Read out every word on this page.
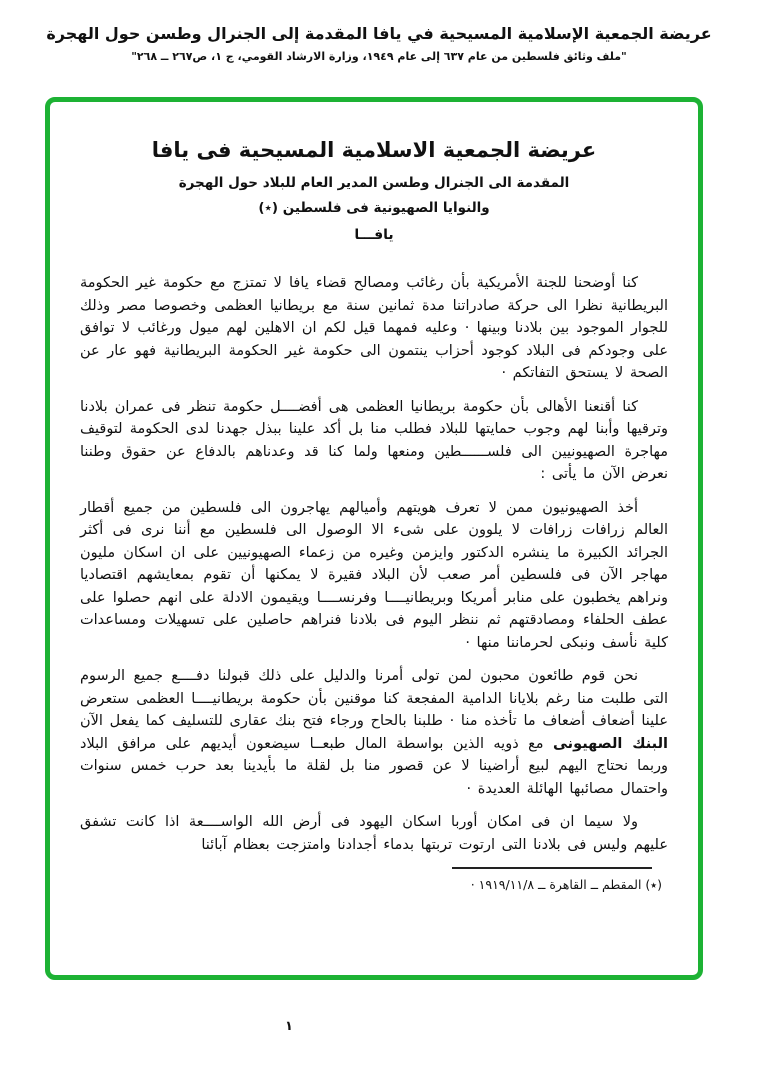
عريضة الجمعية الإسلامية المسيحية في يافا المقدمة إلى الجنرال وطسن حول الهجرة
"ملف وثائق فلسطين من عام ٦٣٧ إلى عام ١٩٤٩، وزارة الارشاد القومي، ج ١، ص٢٦٧ ــ ٢٦٨"
عريضة الجمعية الاسلامية المسيحية فى يافا
المقدمة الى الجنرال وطسن المدير العام للبلاد حول الهجرة
والنوايا الصهيونية فى فلسطين (٭)
يافـــا

كنا أوضحنا للجنة الأمريكية بأن رغائب ومصالح قضاء يافا لا تمتزج مع حكومة غير الحكومة البريطانية نظرا الى حركة صادراتنا مدة ثمانين سنة مع بريطانيا العظمى وخصوصا مصر وذلك للجوار الموجود بين بلادنا وبينها · وعليه فمهما قيل لكم ان الاهلين لهم ميول ورغائب لا توافق على وجودكم فى البلاد كوجود أحزاب ينتمون الى حكومة غير الحكومة البريطانية فهو عار عن الصحة لا يستحق التفاتكم ·

كنا أقنعنا الأهالى بأن حكومة بريطانيا العظمى هى أفضــــل حكومة تنظر فى عمران بلادنا وترقيها وأبنا لهم وجوب حمايتها للبلاد فطلب منا بل أكد علينا ببذل جهدنا لدى الحكومة لتوقيف مهاجرة الصهيونيين الى فلســــــطين ومنعها ولما كنا قد وعدناهم بالدفاع عن حقوق وطننا نعرض الآن ما يأتى :

أخذ الصهيونيون ممن لا تعرف هويتهم وأميالهم يهاجرون الى فلسطين من جميع أقطار العالم زرافات زرافات لا يلوون على شىء الا الوصول الى فلسطين مع أننا نرى فى أكثر الجرائد الكبيرة ما ينشره الدكتور وايزمن وغيره من زعماء الصهيونيين على ان اسكان مليون مهاجر الآن فى فلسطين أمر صعب لأن البلاد فقيرة لا يمكنها أن تقوم بمعايشهم اقتصاديا ونراهم يخطبون على منابر أمريكا وبريطانيــــا وفرنســــا ويقيمون الادلة على انهم حصلوا على عطف الحلفاء ومصادقتهم ثم ننظر اليوم فى بلادنا فنراهم حاصلين على تسهيلات ومساعدات كلية نأسف ونبكى لحرماننا منها ·

نحن قوم طائعون محبون لمن تولى أمرنا والدليل على ذلك قبولنا دفــــع جميع الرسوم التى طلبت منا رغم بلايانا الدامية المفجعة كنا موقنين بأن حكومة بريطانيــــا العظمى ستعرض علينا أضعاف أضعاف ما تأخذه منا · طلبنا بالحاح ورجاء فتح بنك عقارى للتسليف كما يفعل الآن البنك الصهيونى مع ذويه الذين بواسطة المال طبعــا سيضعون أيديهم على مرافق البلاد وربما نحتاج اليهم لبيع أراضينا لا عن قصور منا بل لقلة ما بأيدينا بعد حرب خمس سنوات واحتمال مصائبها الهائلة العديدة ·

ولا سيما ان فى امكان أوربا اسكان اليهود فى أرض الله الواســــعة اذا كانت تشفق عليهم وليس فى بلادنا التى ارتوت تربتها بدماء أجدادنا وامتزجت بعظام آبائنا

(٭) المقطم ــ القاهرة ــ ١٩١٩/١١/٨ ·
١
